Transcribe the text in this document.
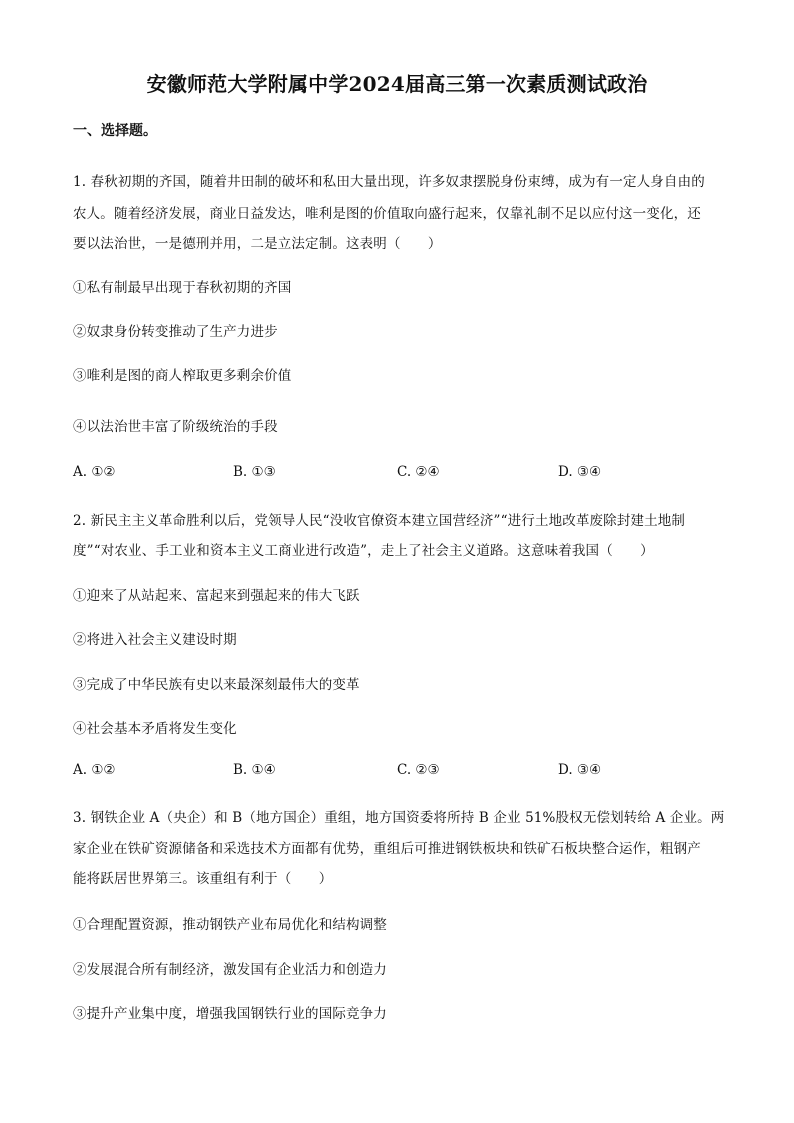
安徽师范大学附属中学2024届高三第一次素质测试政治
一、选择题。
1. 春秋初期的齐国，随着井田制的破坏和私田大量出现，许多奴隶摆脱身份束缚，成为有一定人身自由的
农人。随着经济发展，商业日益发达，唯利是图的价值取向盛行起来，仅靠礼制不足以应付这一变化，还
要以法治世，一是德刑并用，二是立法定制。这表明（　　）
①私有制最早出现于春秋初期的齐国
②奴隶身份转变推动了生产力进步
③唯利是图的商人榨取更多剩余价值
④以法治世丰富了阶级统治的手段
A. ①②	B. ①③	C. ②④	D. ③④
2. 新民主主义革命胜利以后，党领导人民“没收官僚资本建立国营经济”“进行土地改革废除封建土地制
度”“对农业、手工业和资本主义工商业进行改造”，走上了社会主义道路。这意味着我国（　　）
①迎来了从站起来、富起来到强起来的伟大飞跃
②将进入社会主义建设时期
③完成了中华民族有史以来最深刻最伟大的变革
④社会基本矛盾将发生变化
A. ①②	B. ①④	C. ②③	D. ③④
3. 钢铁企业 A（央企）和 B（地方国企）重组，地方国资委将所持 B 企业 51%股权无偿划转给 A 企业。两
家企业在铁矿资源储备和采选技术方面都有优势，重组后可推进钢铁板块和铁矿石板块整合运作，粗钢产
能将跃居世界第三。该重组有利于（　　）
①合理配置资源，推动钢铁产业布局优化和结构调整
②发展混合所有制经济，激发国有企业活力和创造力
③提升产业集中度，增强我国钢铁行业的国际竞争力
